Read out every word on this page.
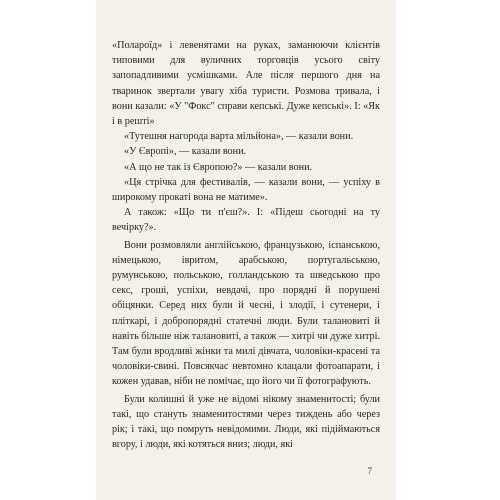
«Полароїд» і левенятами на руках, заманюючи клієнтів типовими для вуличних торговців усього світу запопадливими усмішками. Але після першого дня на тваринок звертали увагу хіба туристи. Розмова тривала, і вони казали: «У "Фокс" справи кепські. Дуже кепські». І: «Як і в решті»

«Тутешня нагорода варта мільйона», — казали вони.

«У Європі», — казали вони.

«А що не так із Європою?» — казали вони.

«Ця стрічка для фестивалів, — казали вони, — успіху в широкому прокаті вона не матиме».

А також: «Що ти п'єш?». І: «Підеш сьогодні на ту вечірку?».

Вони розмовляли англійською, французькою, іспанською, німецькою, івритом, арабською, португальською, румунською, польською, голландською та шведською про секс, гроші, успіхи, невдачі, про порядні й порушені обіцянки. Серед них були й чесні, і злодії, і сутенери, і пліткарі, і добропорядні статечні люди. Були талановиті й навіть більше ніж талановиті, а також — хитрі чи дуже хитрі. Там були вродливі жінки та милі дівчата, чоловіки-красені та чоловіки-свині. Повсякчас невтомно клацали фотоапарати, і кожен удавав, ніби не помічає, що його чи її фотографують.

Були колишні й уже не відомі нікому знаменитості; були такі, що стануть знаменитостями через тиждень або через рік; і такі, що помруть невідомими. Люди, які підіймаються вгору, і люди, які котяться вниз; люди, які

7
